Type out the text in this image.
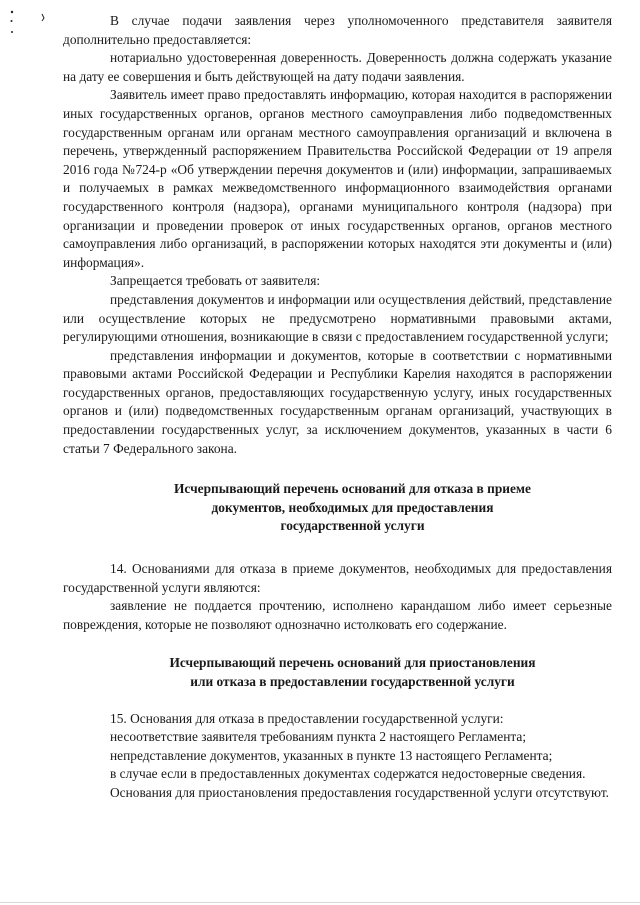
В случае подачи заявления через уполномоченного представителя заявителя дополнительно предоставляется:

нотариально удостоверенная доверенность. Доверенность должна содержать указание на дату ее совершения и быть действующей на дату подачи заявления.

Заявитель имеет право предоставлять информацию, которая находится в распоряжении иных государственных органов, органов местного самоуправления либо подведомственных государственным органам или органам местного самоуправления организаций и включена в перечень, утвержденный распоряжением Правительства Российской Федерации от 19 апреля 2016 года №724-р «Об утверждении перечня документов и (или) информации, запрашиваемых и получаемых в рамках межведомственного информационного взаимодействия органами государственного контроля (надзора), органами муниципального контроля (надзора) при организации и проведении проверок от иных государственных органов, органов местного самоуправления либо организаций, в распоряжении которых находятся эти документы и (или) информация».

Запрещается требовать от заявителя:

представления документов и информации или осуществления действий, представление или осуществление которых не предусмотрено нормативными правовыми актами, регулирующими отношения, возникающие в связи с предоставлением государственной услуги;

представления информации и документов, которые в соответствии с нормативными правовыми актами Российской Федерации и Республики Карелия находятся в распоряжении государственных органов, предоставляющих государственную услугу, иных государственных органов и (или) подведомственных государственным органам организаций, участвующих в предоставлении государственных услуг, за исключением документов, указанных в части 6 статьи 7 Федерального закона.

Исчерпывающий перечень оснований для отказа в приеме
документов, необходимых для предоставления
государственной услуги

14. Основаниями для отказа в приеме документов, необходимых для предоставления государственной услуги являются:

заявление не поддается прочтению, исполнено карандашом либо имеет серьезные повреждения, которые не позволяют однозначно истолковать его содержание.

Исчерпывающий перечень оснований для приостановления
или отказа в предоставлении государственной услуги

15. Основания для отказа в предоставлении государственной услуги:

несоответствие заявителя требованиям пункта 2 настоящего Регламента;

непредставление документов, указанных в пункте 13 настоящего Регламента;

в случае если в предоставленных документах содержатся недостоверные сведения.

Основания для приостановления предоставления государственной услуги отсутствуют.
